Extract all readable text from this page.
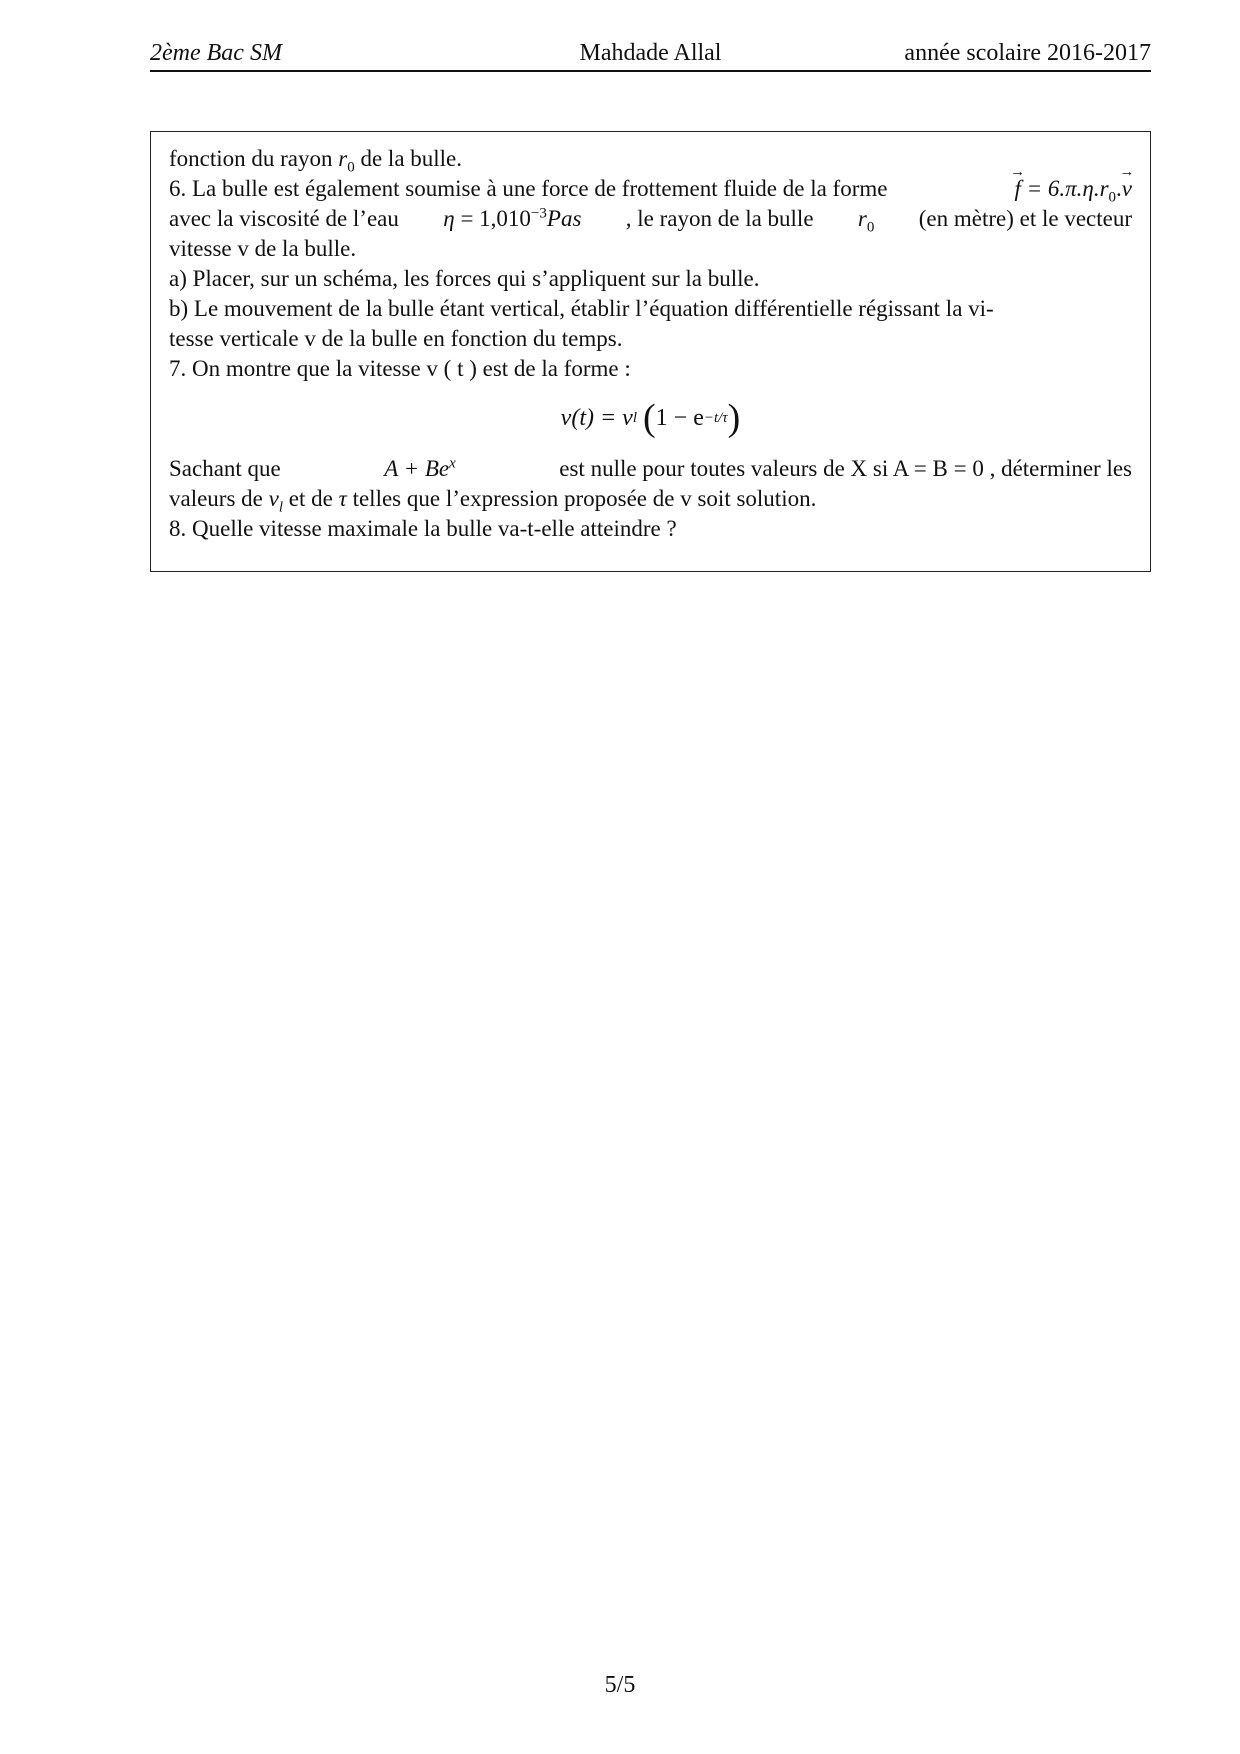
2ème Bac SM	Mahdade Allal	année scolaire 2016-2017
fonction du rayon $r_0$ de la bulle.
6. La bulle est également soumise à une force de frottement fluide de la forme	f → = $6.\pi.\eta.r_0.v$ →
avec la viscosité de l’eau $\eta = 1,010^{-3}Pas$ , le rayon de la bulle $r_0$ (en mètre) et le vecteur
vitesse v de la bulle.
a) Placer, sur un schéma, les forces qui s’appliquent sur la bulle.
b) Le mouvement de la bulle étant vertical, établir l’équation différentielle régissant la vi-
tesse verticale v de la bulle en fonction du temps.
7. On montre que la vitesse v ( t ) est de la forme :
v(t) = v l
( 1 − e −t/τ )
Sachant que	$A + Be^x$	est nulle pour toutes valeurs de X si A = B = 0 , déterminer les
valeurs de $v_l$ et de τ telles que l’expression proposée de v soit solution.
8. Quelle vitesse maximale la bulle va-t-elle atteindre ?
5/5
